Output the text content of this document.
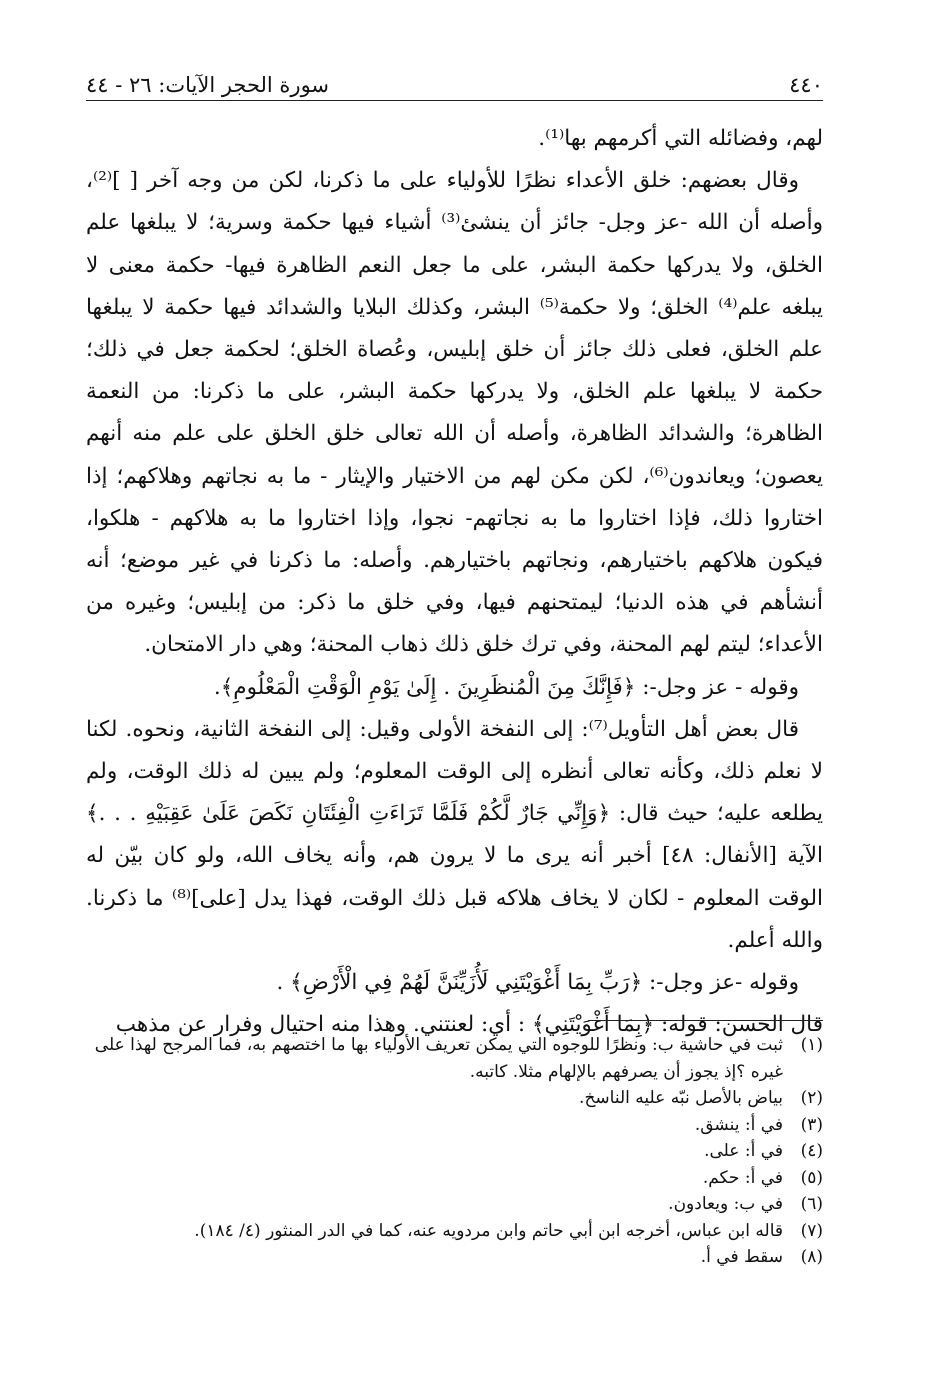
٤٤٠
سورة الحجر الآيات: ٢٦ - ٤٤

لهم، وفضائله التي أكرمهم بها⁽¹⁾.

وقال بعضهم: خلق الأعداء نظرًا للأولياء على ما ذكرنا، لكن من وجه آخر [ ]⁽²⁾، وأصله أن الله -عز وجل- جائز أن ينشئ⁽³⁾ أشياء فيها حكمة وسرية؛ لا يبلغها علم الخلق، ولا يدركها حكمة البشر، على ما جعل النعم الظاهرة فيها- حكمة معنى لا يبلغه علم⁽⁴⁾ الخلق؛ ولا حكمة⁽⁵⁾ البشر، وكذلك البلايا والشدائد فيها حكمة لا يبلغها علم الخلق، فعلى ذلك جائز أن خلق إبليس، وعُصاة الخلق؛ لحكمة جعل في ذلك؛ حكمة لا يبلغها علم الخلق، ولا يدركها حكمة البشر، على ما ذكرنا: من النعمة الظاهرة؛ والشدائد الظاهرة، وأصله أن الله تعالى خلق الخلق على علم منه أنهم يعصون؛ ويعاندون⁽⁶⁾، لكن مكن لهم من الاختيار والإيثار - ما به نجاتهم وهلاكهم؛ إذا اختاروا ذلك، فإذا اختاروا ما به نجاتهم- نجوا، وإذا اختاروا ما به هلاكهم - هلكوا، فيكون هلاكهم باختيارهم، ونجاتهم باختيارهم. وأصله: ما ذكرنا في غير موضع؛ أنه أنشأهم في هذه الدنيا؛ ليمتحنهم فيها، وفي خلق ما ذكر: من إبليس؛ وغيره من الأعداء؛ ليتم لهم المحنة، وفي ترك خلق ذلك ذهاب المحنة؛ وهي دار الامتحان.

وقوله - عز وجل-: ﴿فَإِنَّكَ مِنَ الْمُنظَرِينَ . إِلَىٰ يَوْمِ الْوَقْتِ الْمَعْلُومِ﴾.

قال بعض أهل التأويل⁽⁷⁾: إلى النفخة الأولى وقيل: إلى النفخة الثانية، ونحوه. لكنا لا نعلم ذلك، وكأنه تعالى أنظره إلى الوقت المعلوم؛ ولم يبين له ذلك الوقت، ولم يطلعه عليه؛ حيث قال: ﴿وَإِنِّي جَارٌ لَّكُمْ فَلَمَّا تَرَاءَتِ الْفِئَتَانِ نَكَصَ عَلَىٰ عَقِبَيْهِ . . .﴾ الآية [الأنفال: ٤٨] أخبر أنه يرى ما لا يرون هم، وأنه يخاف الله، ولو كان بيّن له الوقت المعلوم - لكان لا يخاف هلاكه قبل ذلك الوقت، فهذا يدل [على]⁽⁸⁾ ما ذكرنا. والله أعلم.

وقوله -عز وجل-: ﴿رَبِّ بِمَا أَغْوَيْتَنِي لَأُزَيِّنَنَّ لَهُمْ فِي الْأَرْضِ﴾ .

قال الحسن: قوله: ﴿بِمَا أَغْوَيْتَنِي﴾ : أي: لعنتني. وهذا منه احتيال وفرار عن مذهب

(١)
ثبت في حاشية ب: ونظرًا للوجوه التي يمكن تعريف الأولياء بها ما اختصهم به، فما المرجح لهذا على غيره ؟إذ يجوز أن يصرفهم بالإلهام مثلا. كاتبه.
(٢)
بياض بالأصل نبّه عليه الناسخ.
(٣)
في أ: ينشق.
(٤)
في أ: على.
(٥)
في أ: حكم.
(٦)
في ب: ويعادون.
(٧)
قاله ابن عباس، أخرجه ابن أبي حاتم وابن مردويه عنه، كما في الدر المنثور (٤/ ١٨٤).
(٨)
سقط في أ.
